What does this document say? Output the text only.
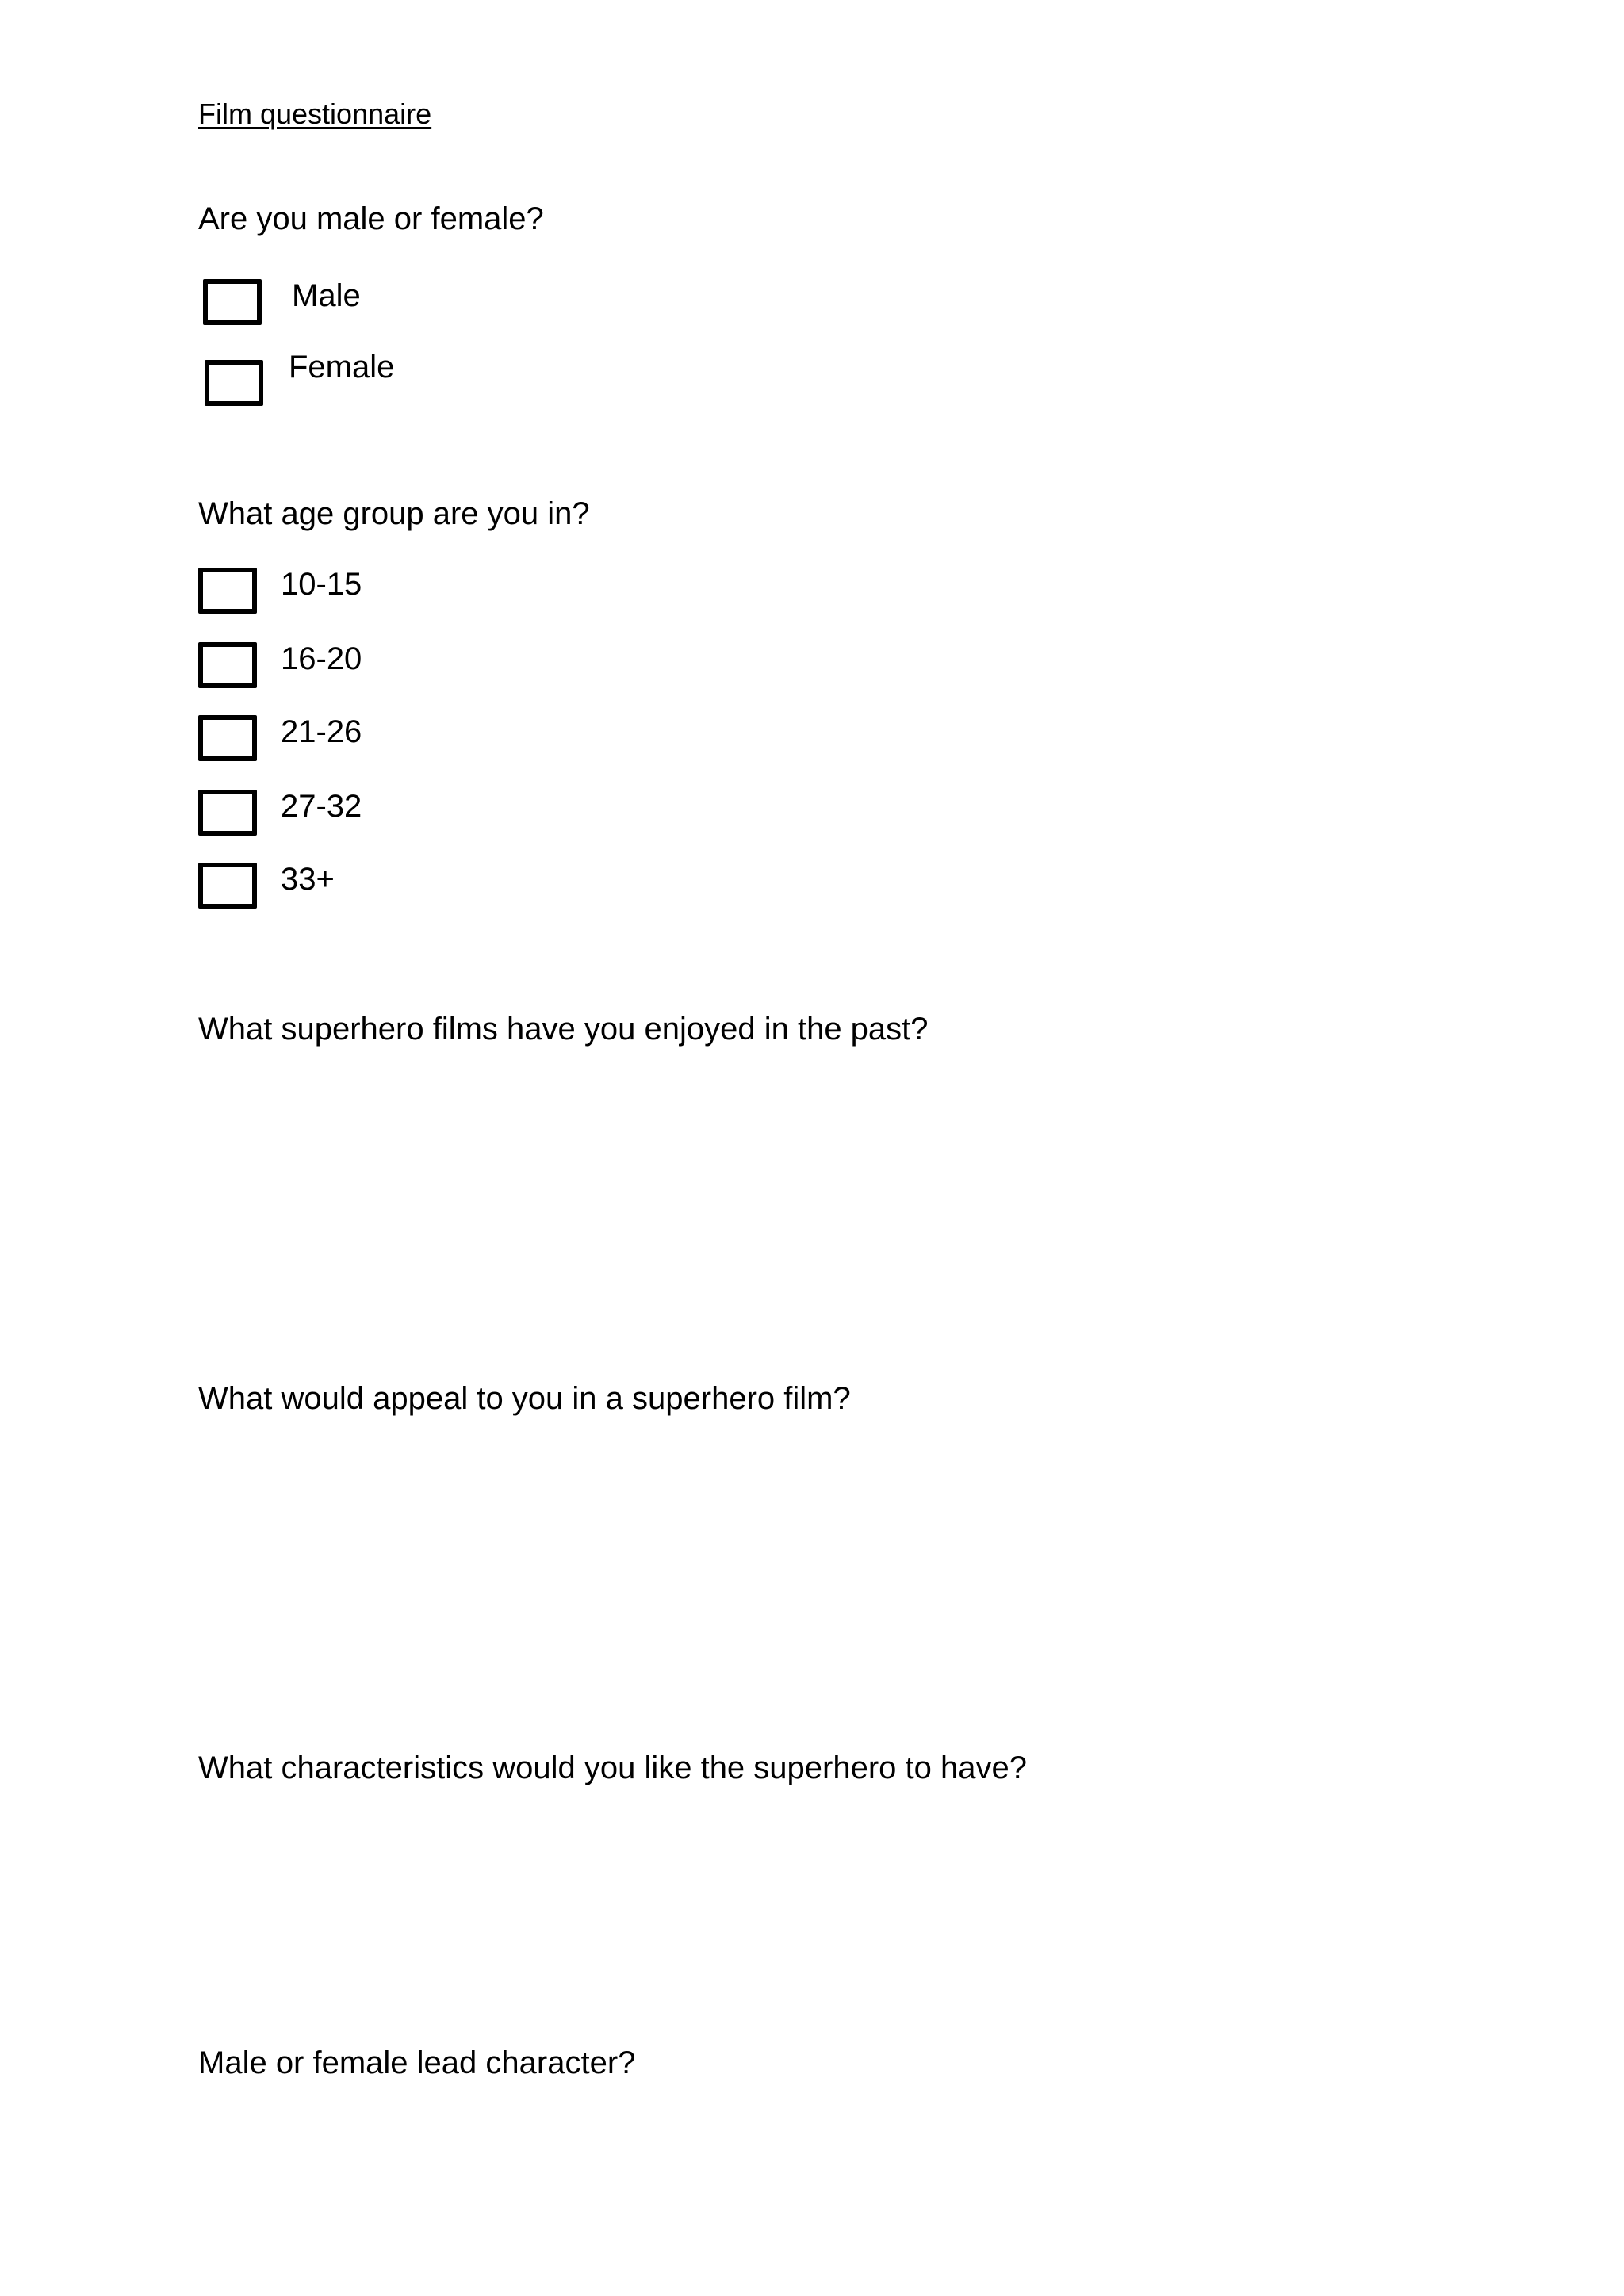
Film questionnaire
Are you male or female?
Male
Female
What age group are you in?
10-15
16-20
21-26
27-32
33+
What superhero films have you enjoyed in the past?
What would appeal to you in a superhero film?
What characteristics would you like the superhero to have?
Male or female lead character?
